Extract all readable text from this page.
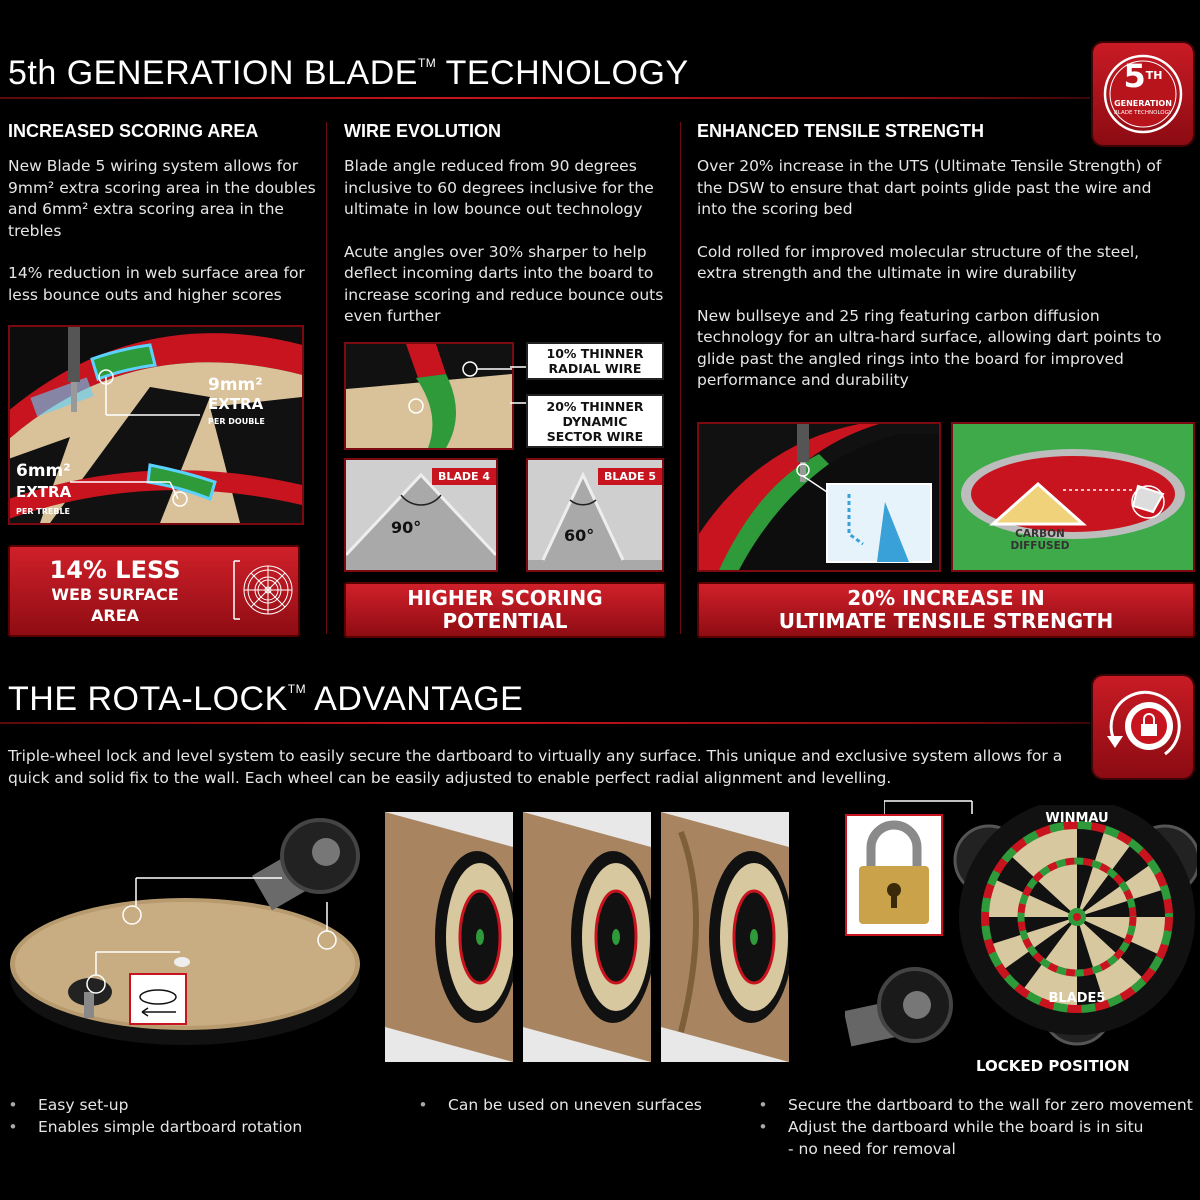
5th GENERATION BLADE™ TECHNOLOGY	5TH
GENERATION
BLADE TECHNOLOGY
INCREASED SCORING AREA

New Blade 5 wiring system allows for 9mm² extra scoring area in the doubles and 6mm² extra scoring area in the trebles

14% reduction in web surface area for less bounce outs and higher scores

9mm²
EXTRA
PER DOUBLE
6mm²
EXTRA
PER TREBLE
14% LESS
WEB SURFACE
AREA
WIRE EVOLUTION

Blade angle reduced from 90 degrees inclusive to 60 degrees inclusive for the ultimate in low bounce out technology

Acute angles over 30% sharper to help deflect incoming darts into the board to increase scoring and reduce bounce outs even further

10% THINNER
RADIAL WIRE
20% THINNER
DYNAMIC
SECTOR WIRE
BLADE 4
90°
BLADE 5
60°
HIGHER SCORING
POTENTIAL
ENHANCED TENSILE STRENGTH

Over 20% increase in the UTS (Ultimate Tensile Strength) of the DSW to ensure that dart points glide past the wire and into the scoring bed

Cold rolled for improved molecular structure of the steel, extra strength and the ultimate in wire durability

New bullseye and 25 ring featuring carbon diffusion technology for an ultra-hard surface, allowing dart points to glide past the angled rings into the board for improved performance and durability

CARBON
DIFFUSED
20% INCREASE IN
ULTIMATE TENSILE STRENGTH
THE ROTA-LOCK™ ADVANTAGE
Triple-wheel lock and level system to easily secure the dartboard to virtually any surface. This unique and exclusive system allows for a quick and solid fix to the wall. Each wheel can be easily adjusted to enable perfect radial alignment and levelling.
WINMAU
BLADE5
LOCKED POSITION
• Easy set-up
• Enables simple dartboard rotation
• Can be used on uneven surfaces	• Secure the dartboard to the wall for zero movement
• Adjust the dartboard while the board is in situ
- no need for removal
